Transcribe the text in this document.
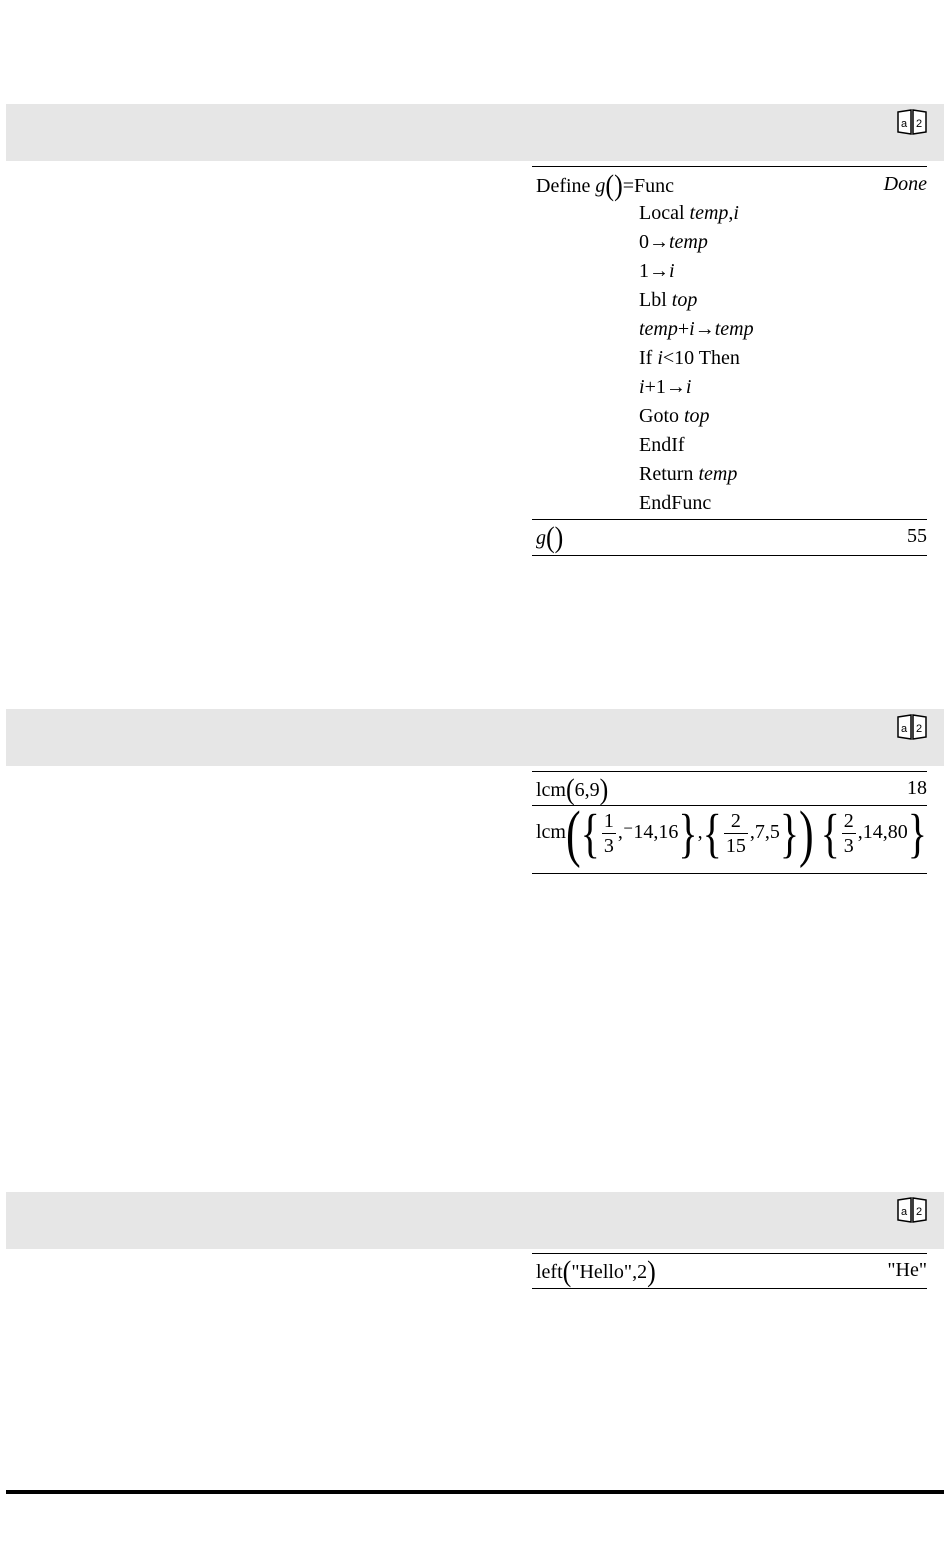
a 2
Define g()=Func	Done
Local temp,i
0→temp
1→i
Lbl top
temp+i→temp
If i<10 Then
i+1→i
Goto top
EndIf
Return temp
EndFunc
g()	55
a 2
lcm(6,9)	18
$lcm(\{ \frac{1}{3} ,^-14,16\},\{ \frac{2}{15} ,7,5\})$ { $\frac{2}{3} ,14,80$}
a 2
left("Hello",2)	"He"
